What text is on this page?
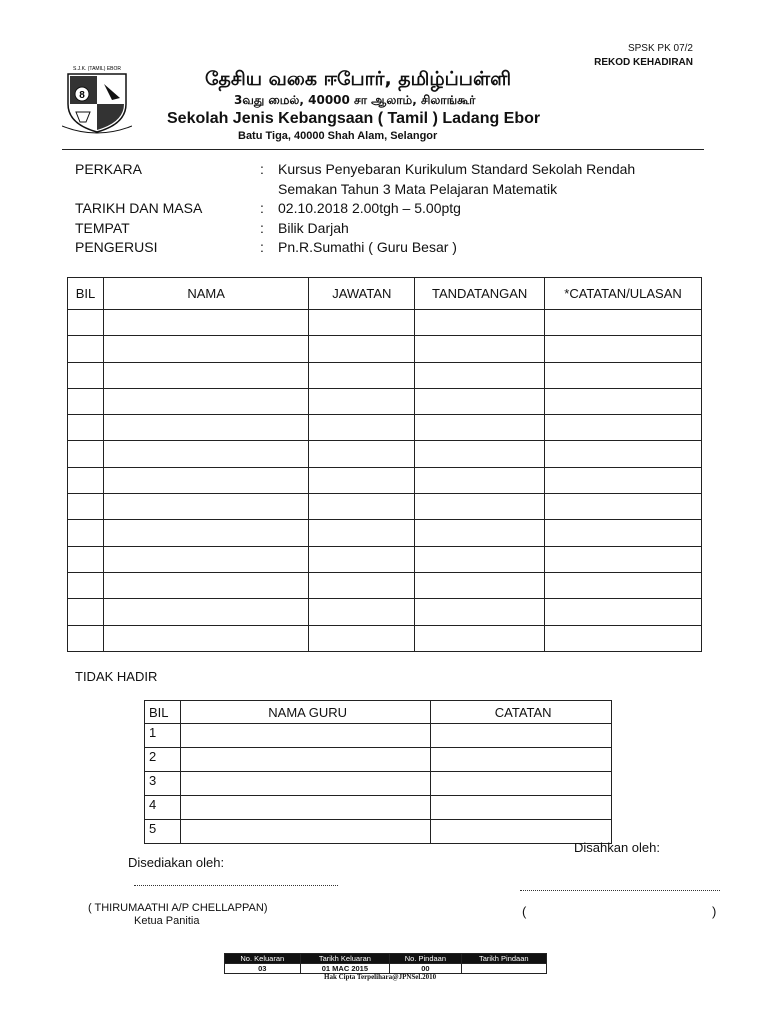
SPSK PK 07/2
REKOD KEHADIRAN
S.J.K. (TAMIL) EBOR
8
தேசிய வகை ஈபோர், தமிழ்ப்பள்ளி
3வது மைல், 40000 சா ஆலாம், சிலாங்கூர்
Sekolah Jenis Kebangsaan ( Tamil ) Ladang Ebor
Batu Tiga, 40000 Shah Alam, Selangor
PERKARA	: Kursus Penyebaran Kurikulum Standard Sekolah Rendah
Semakan Tahun 3 Mata Pelajaran Matematik
TARIKH DAN MASA	: 02.10.2018 2.00tgh – 5.00ptg
TEMPAT	: Bilik Darjah
PENGERUSI	: Pn.R.Sumathi ( Guru Besar )
BIL	NAMA	JAWATAN	TANDATANGAN	*CATATAN/ULASAN

TIDAK HADIR
BIL	NAMA GURU	CATATAN
1		
2		
3		
4		
5		
Disahkan oleh:
Disediakan oleh:
( THIRUMAATHI A/P CHELLAPPAN)
Ketua Panitia
(	)
No. Keluaran	Tarikh Keluaran	No. Pindaan	Tarikh Pindaan
03	01 MAC 2015	00	
Hak Cipta Terpelihara@JPNSel.2010
